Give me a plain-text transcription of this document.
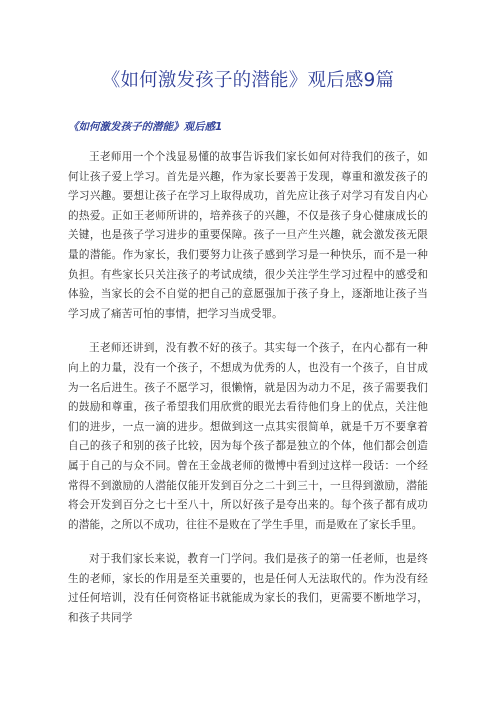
《如何激发孩子的潜能》观后感9篇
《如何激发孩子的潜能》观后感1

王老师用一个个浅显易懂的故事告诉我们家长如何对待我们的孩子，如何让孩子爱上学习。首先是兴趣，作为家长要善于发现，尊重和激发孩子的学习兴趣。要想让孩子在学习上取得成功，首先应让孩子对学习有发自内心的热爱。正如王老师所讲的，培养孩子的兴趣，不仅是孩子身心健康成长的关键，也是孩子学习进步的重要保障。孩子一旦产生兴趣，就会激发孩无限量的潜能。作为家长，我们要努力让孩子感到学习是一种快乐，而不是一种负担。有些家长只关注孩子的考试成绩，很少关注学生学习过程中的感受和体验，当家长的会不自觉的把自己的意愿强加于孩子身上，逐渐地让孩子当学习成了痛苦可怕的事情，把学习当成受罪。

王老师还讲到，没有教不好的孩子。其实每一个孩子，在内心都有一种向上的力量，没有一个孩子，不想成为优秀的人，也没有一个孩子，自甘成为一名后进生。孩子不愿学习，很懒惰，就是因为动力不足，孩子需要我们的鼓励和尊重，孩子希望我们用欣赏的眼光去看待他们身上的优点，关注他们的进步，一点一滴的进步。想做到这一点其实很简单，就是千万不要拿着自己的孩子和别的孩子比较，因为每个孩子都是独立的个体，他们都会创造属于自己的与众不同。曾在王金战老师的微博中看到过这样一段话：一个经常得不到激励的人潜能仅能开发到百分之二十到三十，一旦得到激励，潜能将会开发到百分之七十至八十，所以好孩子是夸出来的。每个孩子都有成功的潜能，之所以不成功，往往不是败在了学生手里，而是败在了家长手里。

对于我们家长来说，教育一门学问。我们是孩子的第一任老师，也是终生的老师，家长的作用是至关重要的，也是任何人无法取代的。作为没有经过任何培训，没有任何资格证书就能成为家长的我们，更需要不断地学习，和孩子共同学
